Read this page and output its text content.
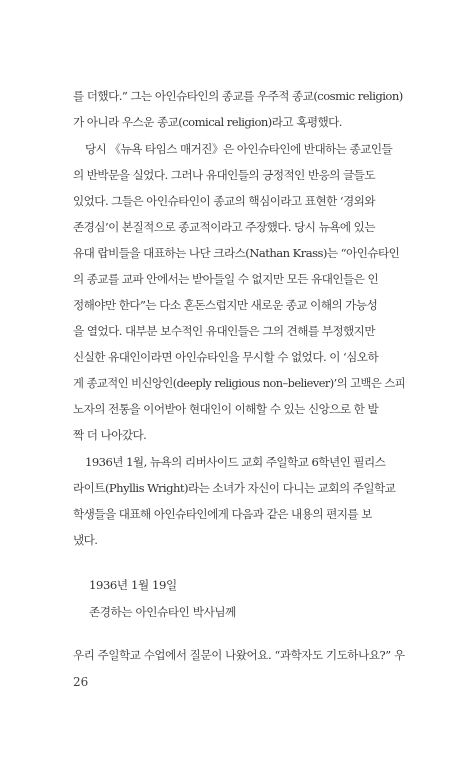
를 더했다.” 그는 아인슈타인의 종교를 우주적 종교(cosmic religion)
가 아니라 우스운 종교(comical religion)라고 혹평했다.
당시 《뉴욕 타임스 매거진》은 아인슈타인에 반대하는 종교인들
의 반박문을 실었다. 그러나 유대인들의 긍정적인 반응의 글들도
있었다. 그들은 아인슈타인이 종교의 핵심이라고 표현한 ‘경외와
존경심’이 본질적으로 종교적이라고 주장했다. 당시 뉴욕에 있는
유대 랍비들을 대표하는 나단 크라스(Nathan Krass)는 “아인슈타인
의 종교를 교파 안에서는 받아들일 수 없지만 모든 유대인들은 인
정해야만 한다”는 다소 혼돈스럽지만 새로운 종교 이해의 가능성
을 열었다. 대부분 보수적인 유대인들은 그의 견해를 부정했지만
신실한 유대인이라면 아인슈타인을 무시할 수 없었다. 이 ‘심오하
게 종교적인 비신앙인(deeply religious non–believer)’의 고백은 스피
노자의 전통을 이어받아 현대인이 이해할 수 있는 신앙으로 한 발
짝 더 나아갔다.
1936년 1월, 뉴욕의 리버사이드 교회 주일학교 6학년인 필리스
라이트(Phyllis Wright)라는 소녀가 자신이 다니는 교회의 주일학교
학생들을 대표해 아인슈타인에게 다음과 같은 내용의 편지를 보
냈다.
1936년 1월 19일
존경하는 아인슈타인 박사님께
우리 주일학교 수업에서 질문이 나왔어요. “과학자도 기도하나요?” 우
26
